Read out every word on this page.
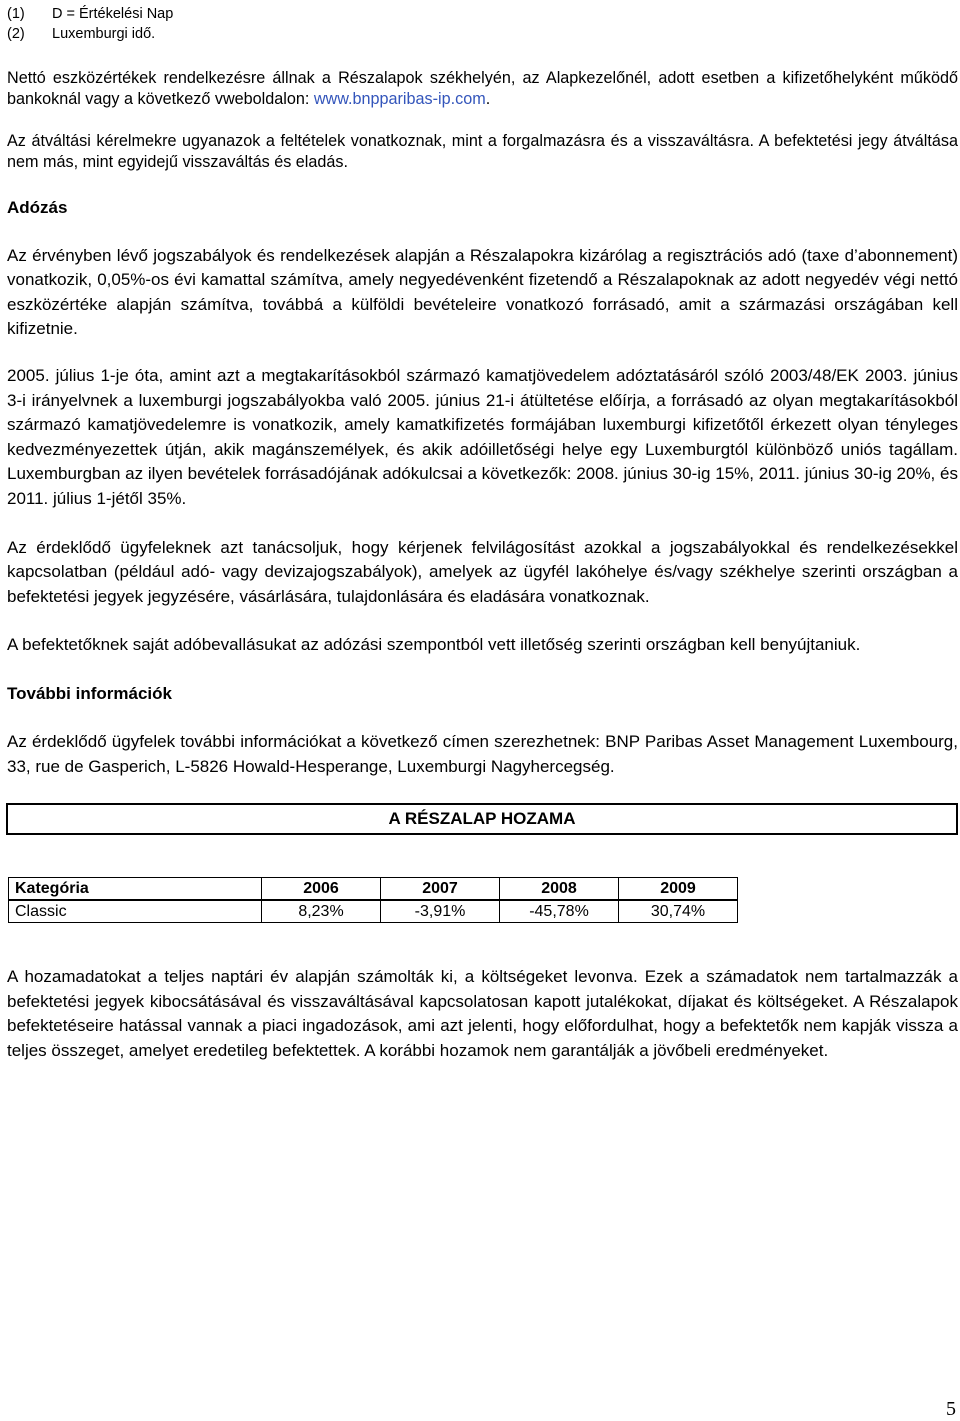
(1)	D = Értékelési Nap
(2)	Luxemburgi idő.

Nettó eszközértékek rendelkezésre állnak a Részalapok székhelyén, az Alapkezelőnél, adott esetben a kifizetőhelyként működő bankoknál vagy a következő vweboldalon: www.bnpparibas-ip.com.

Az átváltási kérelmekre ugyanazok a feltételek vonatkoznak, mint a forgalmazásra és a visszaváltásra. A befektetési jegy átváltása nem más, mint egyidejű visszaváltás és eladás.

Adózás

Az érvényben lévő jogszabályok és rendelkezések alapján a Részalapokra kizárólag a regisztrációs adó (taxe d’abonnement) vonatkozik, 0,05%-os évi kamattal számítva, amely negyedévenként fizetendő a Részalapoknak az adott negyedév végi nettó eszközértéke alapján számítva, továbbá a külföldi bevételeire vonatkozó forrásadó, amit a származási országában kell kifizetnie.

2005. július 1-je óta, amint azt a megtakarításokból származó kamatjövedelem adóztatásáról szóló 2003/48/EK 2003. június 3-i irányelvnek a luxemburgi jogszabályokba való 2005. június 21-i átültetése előírja, a forrásadó az olyan megtakarításokból származó kamatjövedelemre is vonatkozik, amely kamatkifizetés formájában luxemburgi kifizetőtől érkezett olyan tényleges kedvezményezettek útján, akik magánszemélyek, és akik adóilletőségi helye egy Luxemburgtól különböző uniós tagállam. Luxemburgban az ilyen bevételek forrásadójának adókulcsai a következők: 2008. június 30-ig 15%, 2011. június 30-ig 20%, és 2011. július 1-jétől 35%.

Az érdeklődő ügyfeleknek azt tanácsoljuk, hogy kérjenek felvilágosítást azokkal a jogszabályokkal és rendelkezésekkel kapcsolatban (például adó- vagy devizajogszabályok), amelyek az ügyfél lakóhelye és/vagy székhelye szerinti országban a befektetési jegyek jegyzésére, vásárlására, tulajdonlására és eladására vonatkoznak.

A befektetőknek saját adóbevallásukat az adózási szempontból vett illetőség szerinti országban kell benyújtaniuk.

További információk

Az érdeklődő ügyfelek további információkat a következő címen szerezhetnek: BNP Paribas Asset Management Luxembourg, 33, rue de Gasperich, L-5826 Howald-Hesperange, Luxemburgi Nagyhercegség.

A RÉSZALAP HOZAMA
Kategória	2006	2007	2008	2009
Classic	8,23%	-3,91%	-45,78%	30,74%

A hozamadatokat a teljes naptári év alapján számolták ki, a költségeket levonva. Ezek a számadatok nem tartalmazzák a befektetési jegyek kibocsátásával és visszaváltásával kapcsolatosan kapott jutalékokat, díjakat és költségeket. A Részalapok befektetéseire hatással vannak a piaci ingadozások, ami azt jelenti, hogy előfordulhat, hogy a befektetők nem kapják vissza a teljes összeget, amelyet eredetileg befektettek. A korábbi hozamok nem garantálják a jövőbeli eredményeket.

5
